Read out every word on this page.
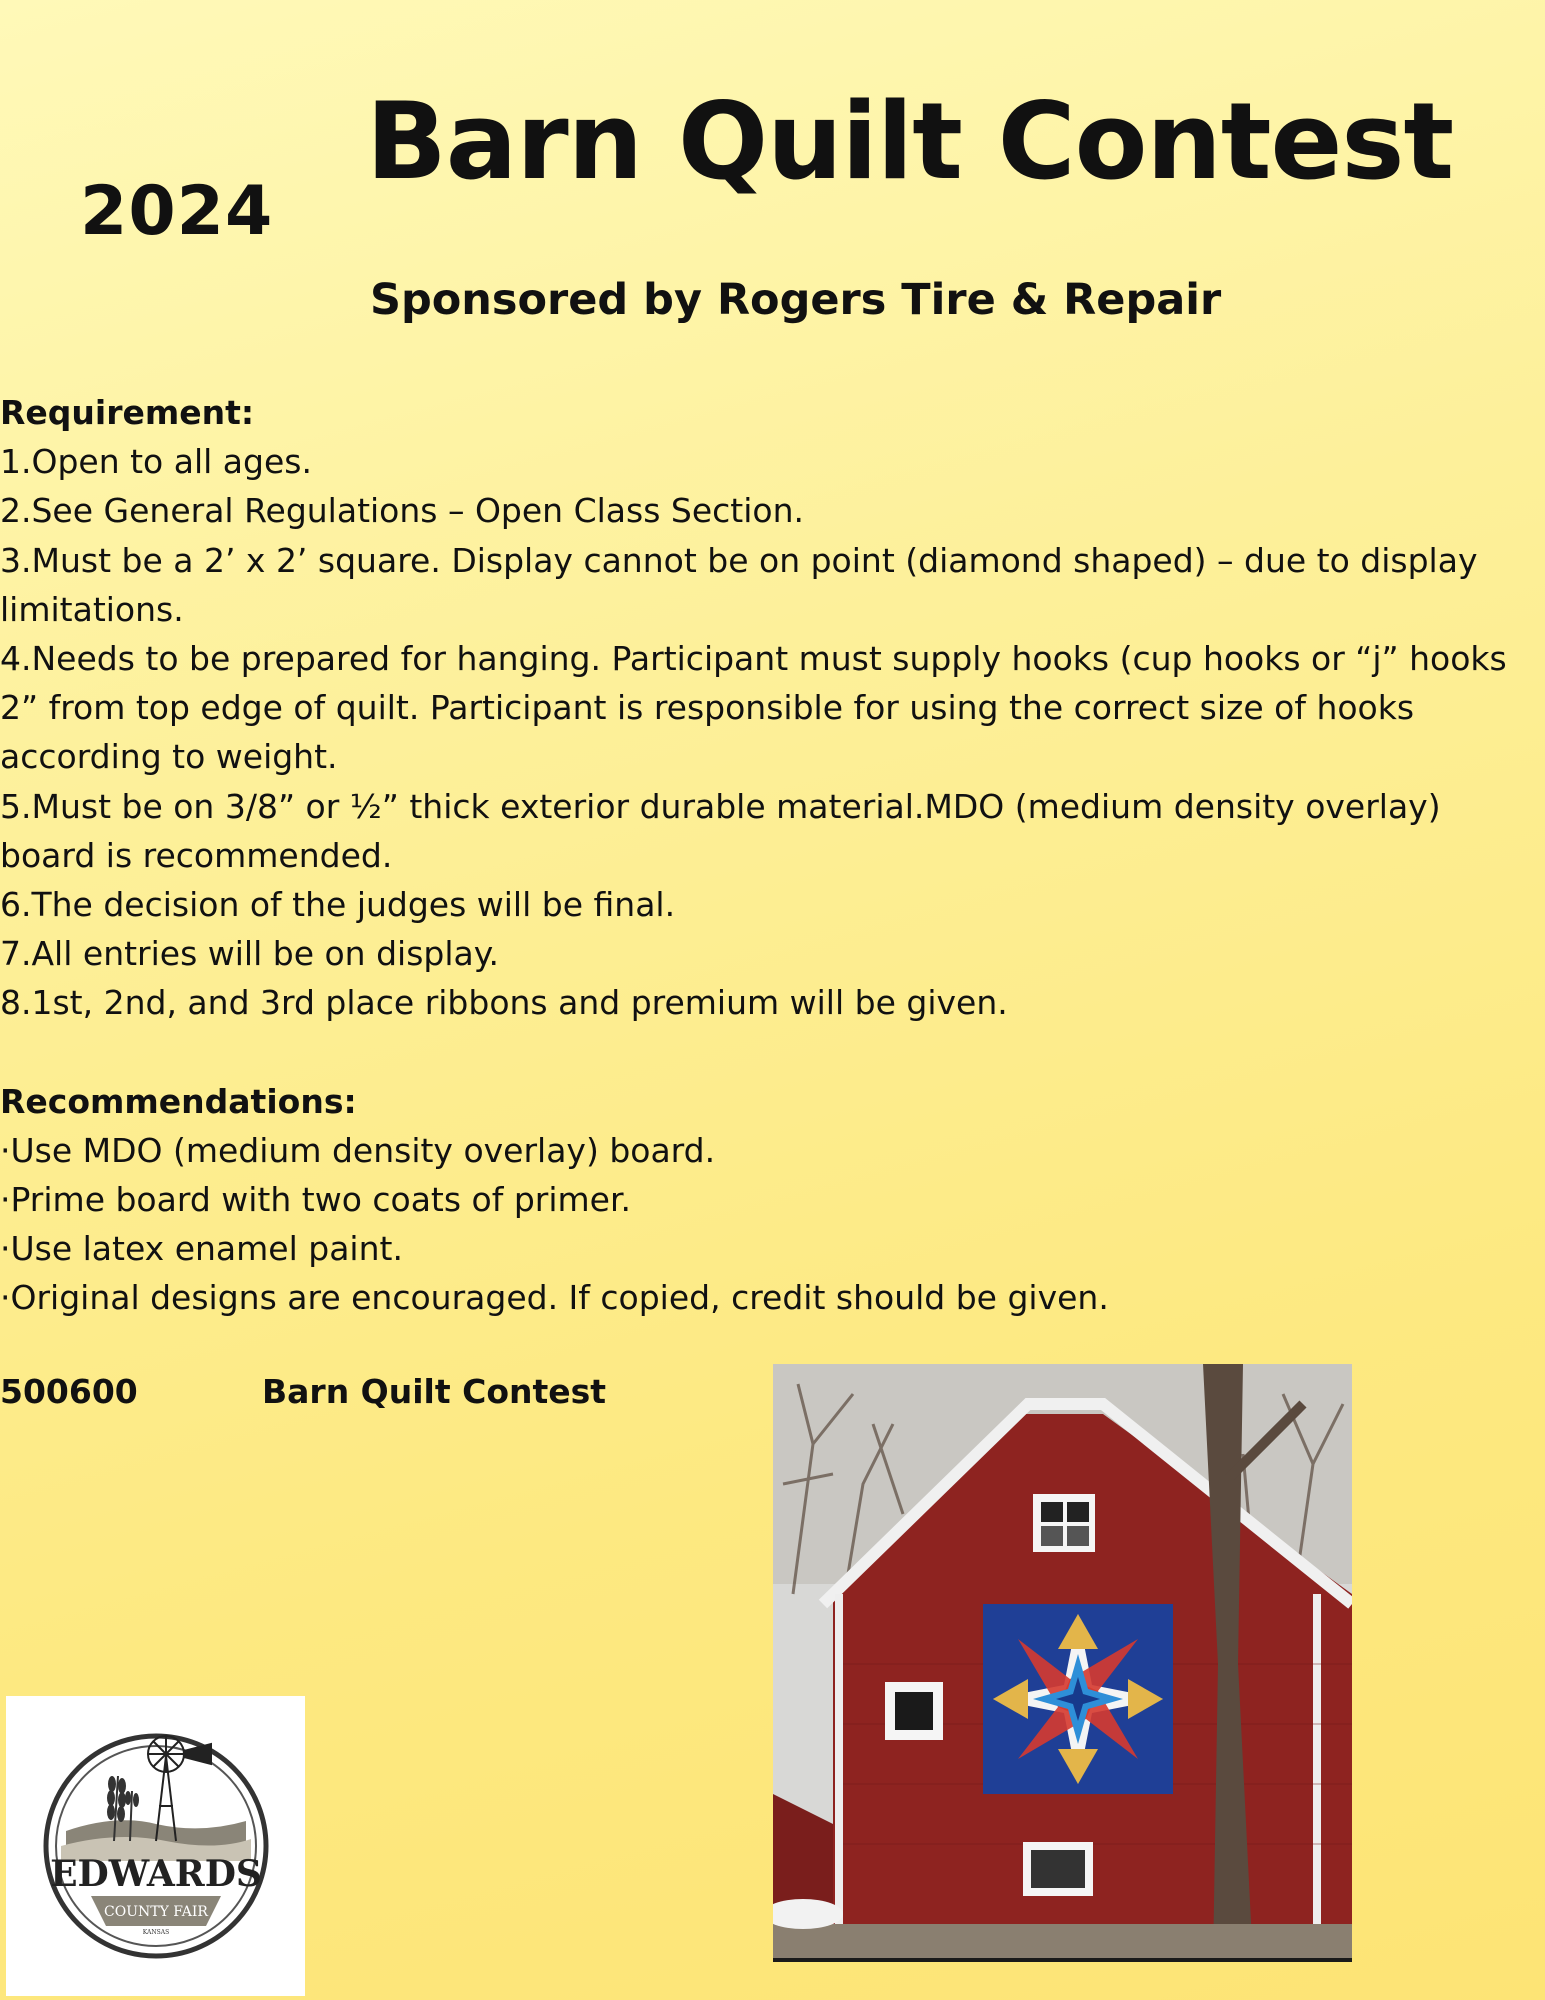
2024
Barn Quilt Contest
Sponsored by Rogers Tire & Repair
Requirement:
1.Open to all ages.
2.See General Regulations – Open Class Section.
3.Must be a 2’ x 2’ square. Display cannot be on point (diamond shaped) – due to display
limitations.
4.Needs to be prepared for hanging. Participant must supply hooks (cup hooks or “j” hooks
2” from top edge of quilt. Participant is responsible for using the correct size of hooks
according to weight.
5.Must be on 3/8” or ½” thick exterior durable material.MDO (medium density overlay)
board is recommended.
6.The decision of the judges will be final.
7.All entries will be on display.
8.1st, 2nd, and 3rd place ribbons and premium will be given.
Recommendations:
·Use MDO (medium density overlay) board.
·Prime board with two coats of primer.
·Use latex enamel paint.
·Original designs are encouraged. If copied, credit should be given.
500600	Barn Quilt Contest
EDWARDS
COUNTY FAIR
KANSAS
